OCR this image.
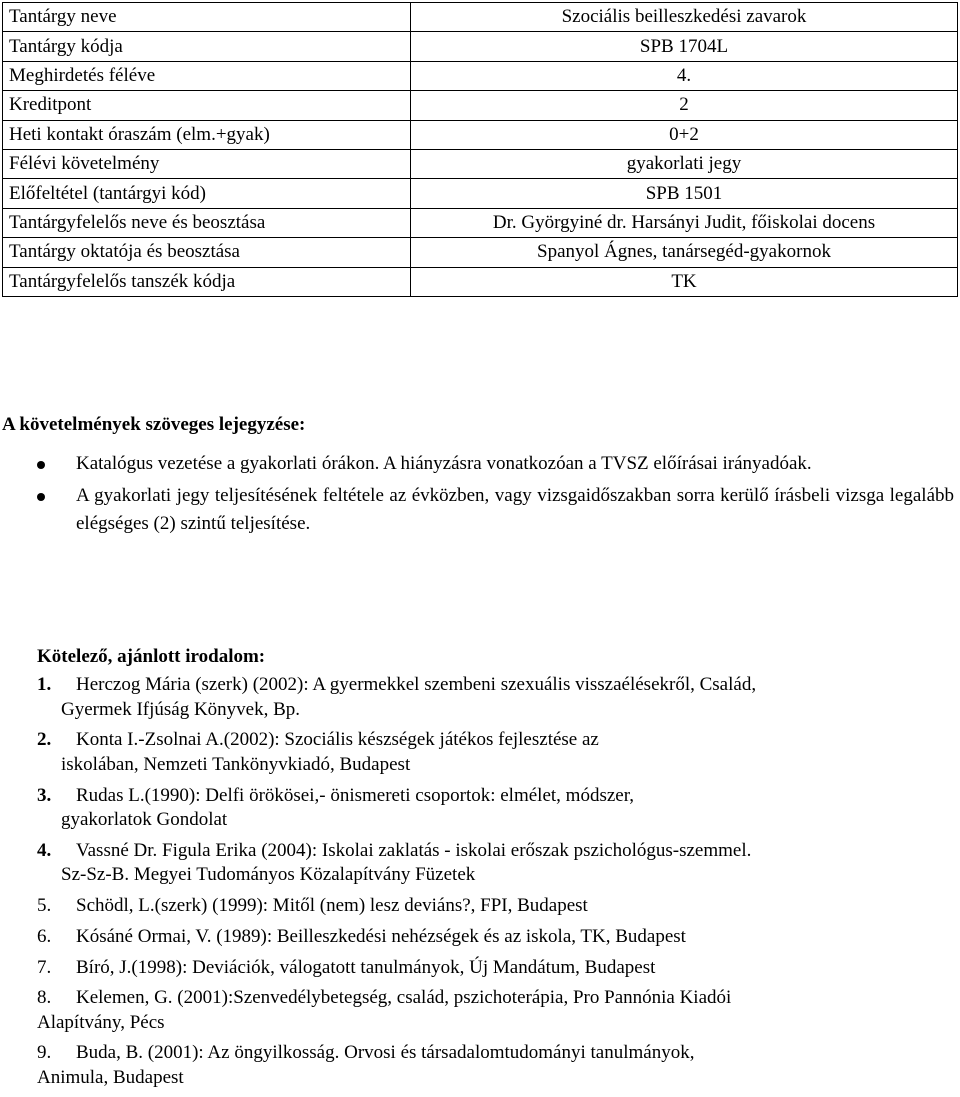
Tantárgy neve	Szociális beilleszkedési zavarok
Tantárgy kódja	SPB 1704L
Meghirdetés féléve	4.
Kreditpont	2
Heti kontakt óraszám (elm.+gyak)	0+2
Félévi követelmény	gyakorlati jegy
Előfeltétel (tantárgyi kód)	SPB 1501
Tantárgyfelelős neve és beosztása	Dr. Györgyiné dr. Harsányi Judit, főiskolai docens
Tantárgy oktatója és beosztása	Spanyol Ágnes, tanársegéd-gyakornok
Tantárgyfelelős tanszék kódja	TK
A követelmények szöveges lejegyzése:
Katalógus vezetése a gyakorlati órákon. A hiányzásra vonatkozóan a TVSZ előírásai irányadóak.
A gyakorlati jegy teljesítésének feltétele az évközben, vagy vizsgaidőszakban sorra kerülő írásbeli vizsga legalább elégséges (2) szintű teljesítése.
Kötelező, ajánlott irodalom:
1. Herczog Mária (szerk) (2002): A gyermekkel szembeni szexuális visszaélésekről, Család,
Gyermek Ifjúság Könyvek, Bp.
2. Konta I.-Zsolnai A.(2002): Szociális készségek játékos fejlesztése az
iskolában, Nemzeti Tankönyvkiadó, Budapest
3. Rudas L.(1990): Delfi örökösei,- önismereti csoportok: elmélet, módszer,
gyakorlatok Gondolat
4. Vassné Dr. Figula Erika (2004): Iskolai zaklatás - iskolai erőszak pszichológus-szemmel.
Sz-Sz-B. Megyei Tudományos Közalapítvány Füzetek
5. Schödl, L.(szerk) (1999): Mitől (nem) lesz deviáns?, FPI, Budapest
6. Kósáné Ormai, V. (1989): Beilleszkedési nehézségek és az iskola, TK, Budapest
7. Bíró, J.(1998): Deviációk, válogatott tanulmányok, Új Mandátum, Budapest
8. Kelemen, G. (2001):Szenvedélybetegség, család, pszichoterápia, Pro Pannónia Kiadói
Alapítvány, Pécs
9. Buda, B. (2001): Az öngyilkosság. Orvosi és társadalomtudományi tanulmányok,
Animula, Budapest
